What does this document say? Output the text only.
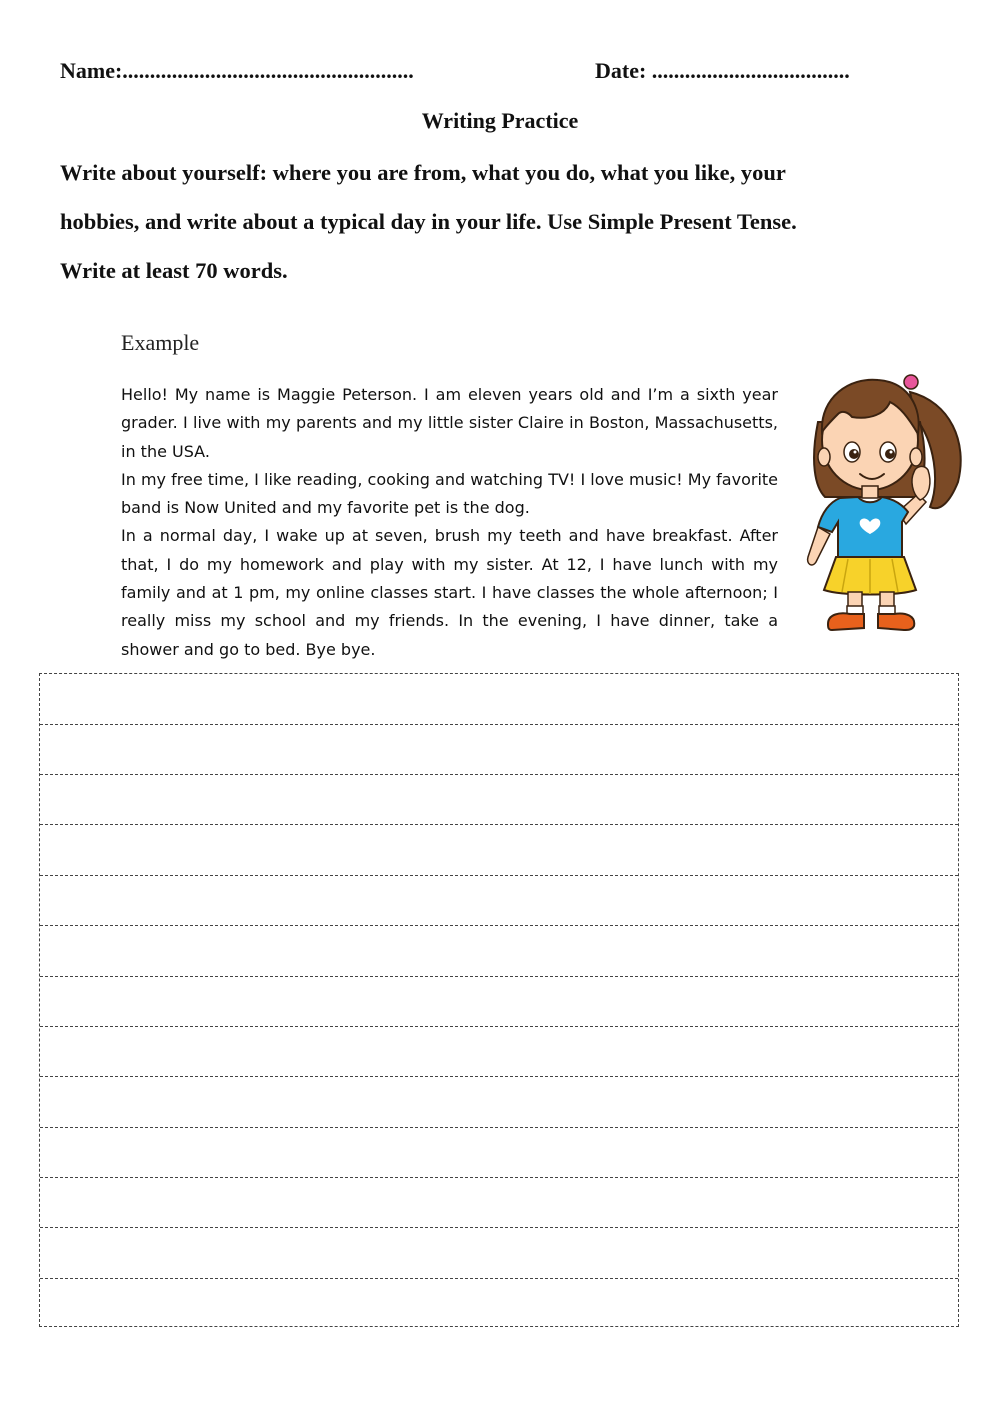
Name:.....................................................	Date: ....................................
Writing Practice

Write about yourself: where you are from, what you do, what you like, your
hobbies, and write about a typical day in your life. Use Simple Present Tense.
Write at least 70 words.

Example

Hello! My name is Maggie Peterson. I am eleven years old and I’m a sixth year grader. I live with my parents and my little sister Claire in Boston, Massachusetts, in the USA.

In my free time, I like reading, cooking and watching TV! I love music! My favorite band is Now United and my favorite pet is the dog.

In a normal day, I wake up at seven, brush my teeth and have breakfast. After that, I do my homework and play with my sister. At 12, I have lunch with my family and at 1 pm, my online classes start. I have classes the whole afternoon; I really miss my school and my friends. In the evening, I have dinner, take a shower and go to bed. Bye bye.
